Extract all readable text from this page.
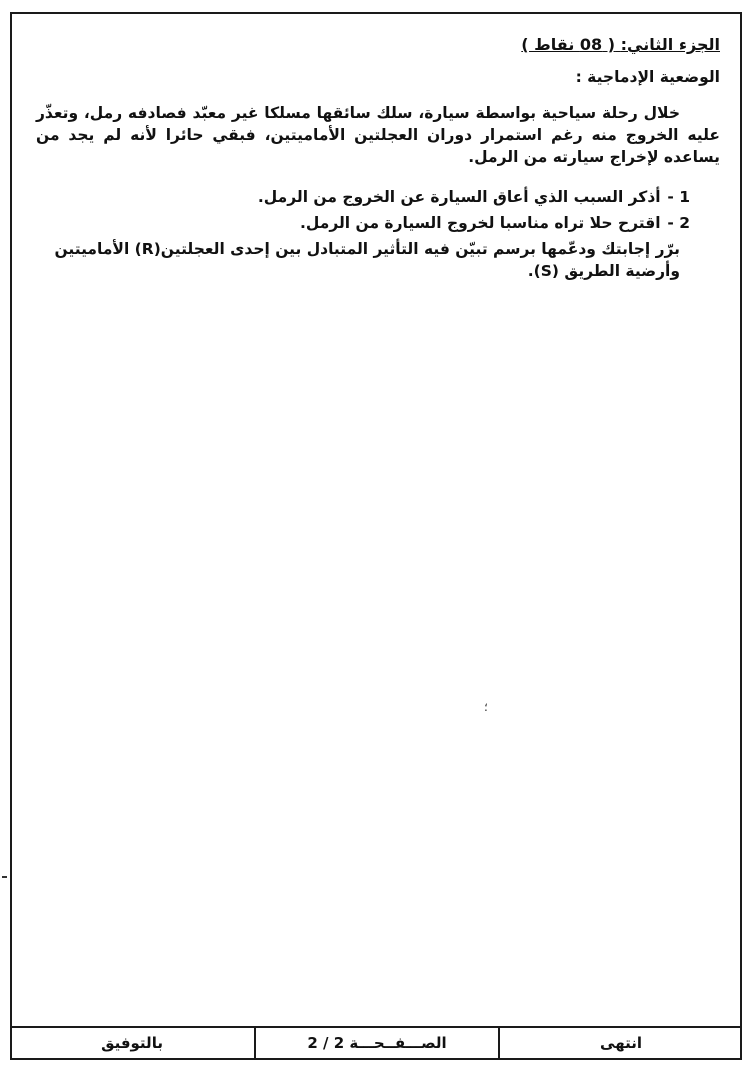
الجزء الثاني: ( 08 نقاط )
الوضعية الإدماجية :

خلال رحلة سياحية بواسطة سيارة، سلك سائقها مسلكا غير معبّد فصادفه رمل، وتعذّر عليه الخروج منه رغم استمرار دوران العجلتين الأماميتين، فبقي حائرا لأنه لم يجد من يساعده لإخراج سيارته من الرمل.

1 - أذكر السبب الذي أعاق السيارة عن الخروج من الرمل.
2 - اقترح حلا تراه مناسبا لخروج السيارة من الرمل.
برّر إجابتك ودعّمها برسم تبيّن فيه التأثير المتبادل بين إحدى العجلتين(R) الأماميتين وأرضية الطريق (S).
؛
انتهى
الصـــفــحـــة 2 / 2
بالتوفيق
